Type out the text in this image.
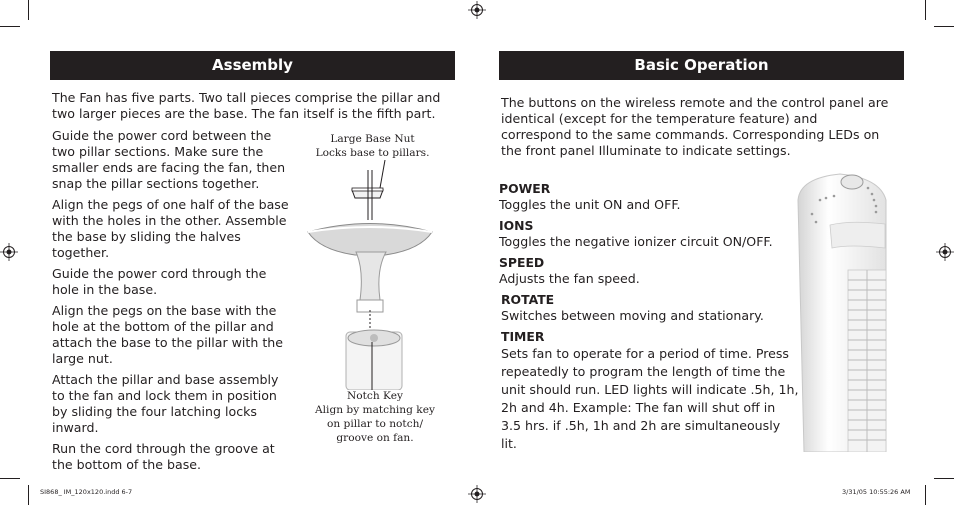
Assembly
The Fan has five parts. Two tall pieces comprise the pillar and two larger pieces are the base. The fan itself is the fifth part.

Guide the power cord between the two pillar sections. Make sure the smaller ends are facing the fan, then snap the pillar sections together.

Align the pegs of one half of the base with the holes in the other. Assemble the base by sliding the halves together.

Guide the power cord through the hole in the base.

Align the pegs on the base with the hole at the bottom of the pillar and attach the base to the pillar with the large nut.

Attach the pillar and base assembly to the fan and lock them in position by sliding the four latching locks inward.

Run the cord through the groove at the bottom of the base.

Large Base Nut
Locks base to pillars.
Notch Key
Align by matching key
on pillar to notch/
groove on fan.
Basic Operation
The buttons on the wireless remote and the control panel are identical (except for the temperature feature) and correspond to the same commands. Corresponding LEDs on the front panel Illuminate to indicate settings.

POWER

Toggles the unit ON and OFF.

IONS

Toggles the negative ionizer circuit ON/OFF.

SPEED

Adjusts the fan speed.

ROTATE

Switches between moving and stationary.

TIMER

Sets fan to operate for a period of time. Press repeatedly to program the length of time the unit should run. LED lights will indicate .5h, 1h, 2h and 4h. Example: The fan will shut off in 3.5 hrs. if .5h, 1h and 2h are simultaneously lit.

SI868_ IM_120x120.indd 6-7	3/31/05 10:55:26 AM
